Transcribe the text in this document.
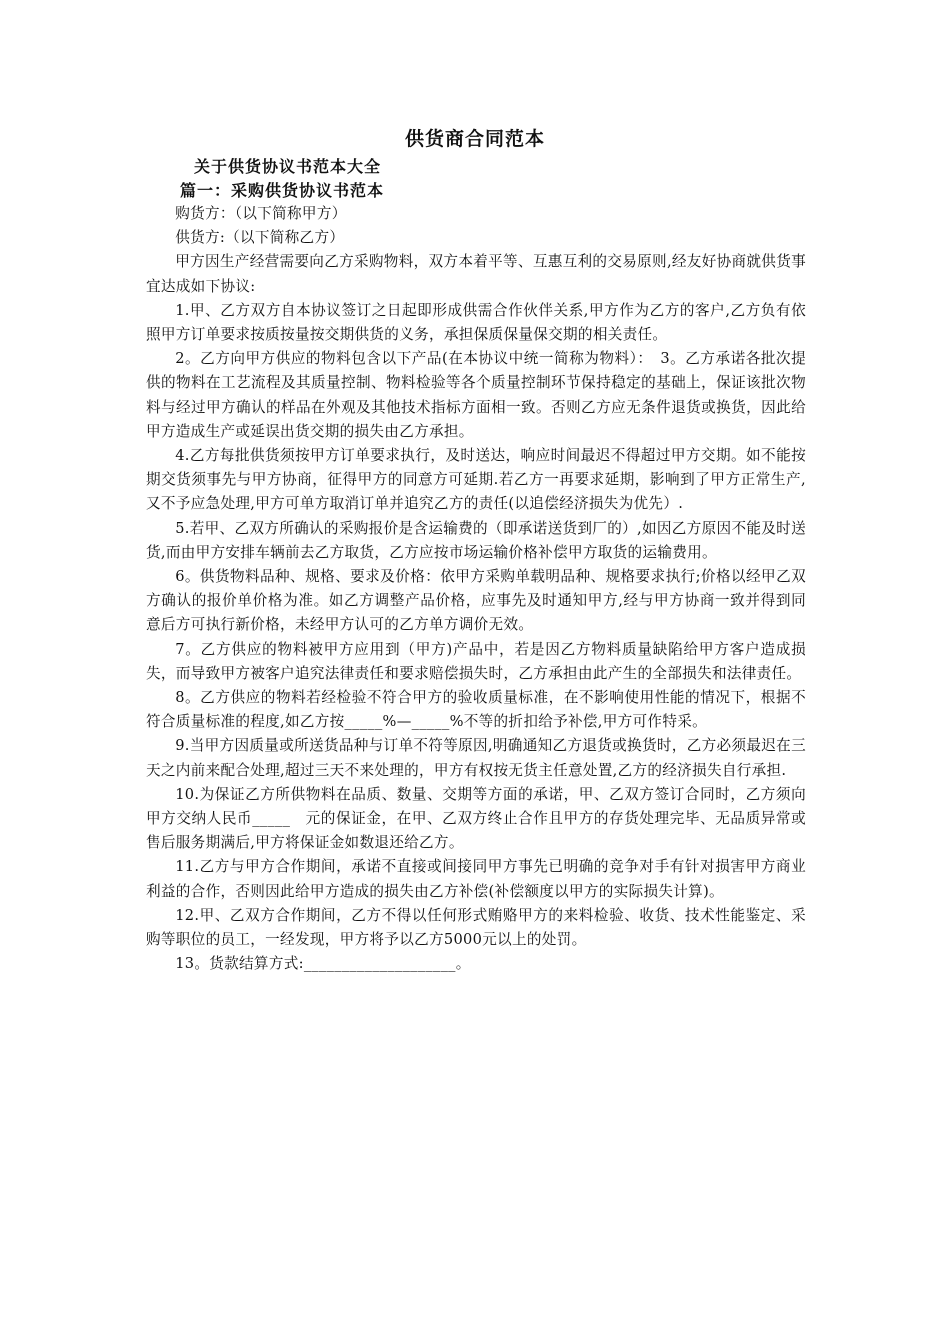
供货商合同范本
关于供货协议书范本大全
篇一：采购供货协议书范本

购货方：（以下简称甲方）

供货方:（以下简称乙方）

甲方因生产经营需要向乙方采购物料，双方本着平等、互惠互利的交易原则,经友好协商就供货事宜达成如下协议:

1.甲、乙方双方自本协议签订之日起即形成供需合作伙伴关系,甲方作为乙方的客户,乙方负有依照甲方订单要求按质按量按交期供货的义务，承担保质保量保交期的相关责任。

2。乙方向甲方供应的物料包含以下产品(在本协议中统一简称为物料）：　3。乙方承诺各批次提供的物料在工艺流程及其质量控制、物料检验等各个质量控制环节保持稳定的基础上，保证该批次物料与经过甲方确认的样品在外观及其他技术指标方面相一致。否则乙方应无条件退货或换货，因此给甲方造成生产或延误出货交期的损失由乙方承担。

4.乙方每批供货须按甲方订单要求执行，及时送达，响应时间最迟不得超过甲方交期。如不能按期交货须事先与甲方协商，征得甲方的同意方可延期.若乙方一再要求延期，影响到了甲方正常生产,又不予应急处理,甲方可单方取消订单并追究乙方的责任(以追偿经济损失为优先）.

5.若甲、乙双方所确认的采购报价是含运输费的（即承诺送货到厂的）,如因乙方原因不能及时送货,而由甲方安排车辆前去乙方取货，乙方应按市场运输价格补偿甲方取货的运输费用。

6。供货物料品种、规格、要求及价格：依甲方采购单载明品种、规格要求执行;价格以经甲乙双方确认的报价单价格为准。如乙方调整产品价格，应事先及时通知甲方,经与甲方协商一致并得到同意后方可执行新价格，未经甲方认可的乙方单方调价无效。

7。乙方供应的物料被甲方应用到（甲方)产品中，若是因乙方物料质量缺陷给甲方客户造成损失，而导致甲方被客户追究法律责任和要求赔偿损失时，乙方承担由此产生的全部损失和法律责任。

8。乙方供应的物料若经检验不符合甲方的验收质量标准，在不影响使用性能的情况下，根据不符合质量标准的程度,如乙方按_____%—_____%不等的折扣给予补偿,甲方可作特采。

9.当甲方因质量或所送货品种与订单不符等原因,明确通知乙方退货或换货时，乙方必须最迟在三天之内前来配合处理,超过三天不来处理的，甲方有权按无货主任意处置,乙方的经济损失自行承担.

10.为保证乙方所供物料在品质、数量、交期等方面的承诺，甲、乙双方签订合同时，乙方须向甲方交纳人民币_____　元的保证金，在甲、乙双方终止合作且甲方的存货处理完毕、无品质异常或售后服务期满后,甲方将保证金如数退还给乙方。

11.乙方与甲方合作期间，承诺不直接或间接同甲方事先已明确的竞争对手有针对损害甲方商业利益的合作，否则因此给甲方造成的损失由乙方补偿(补偿额度以甲方的实际损失计算)。

12.甲、乙双方合作期间，乙方不得以任何形式贿赂甲方的来料检验、收货、技术性能鉴定、采购等职位的员工，一经发现，甲方将予以乙方5000元以上的处罚。

13。货款结算方式:____________________。
